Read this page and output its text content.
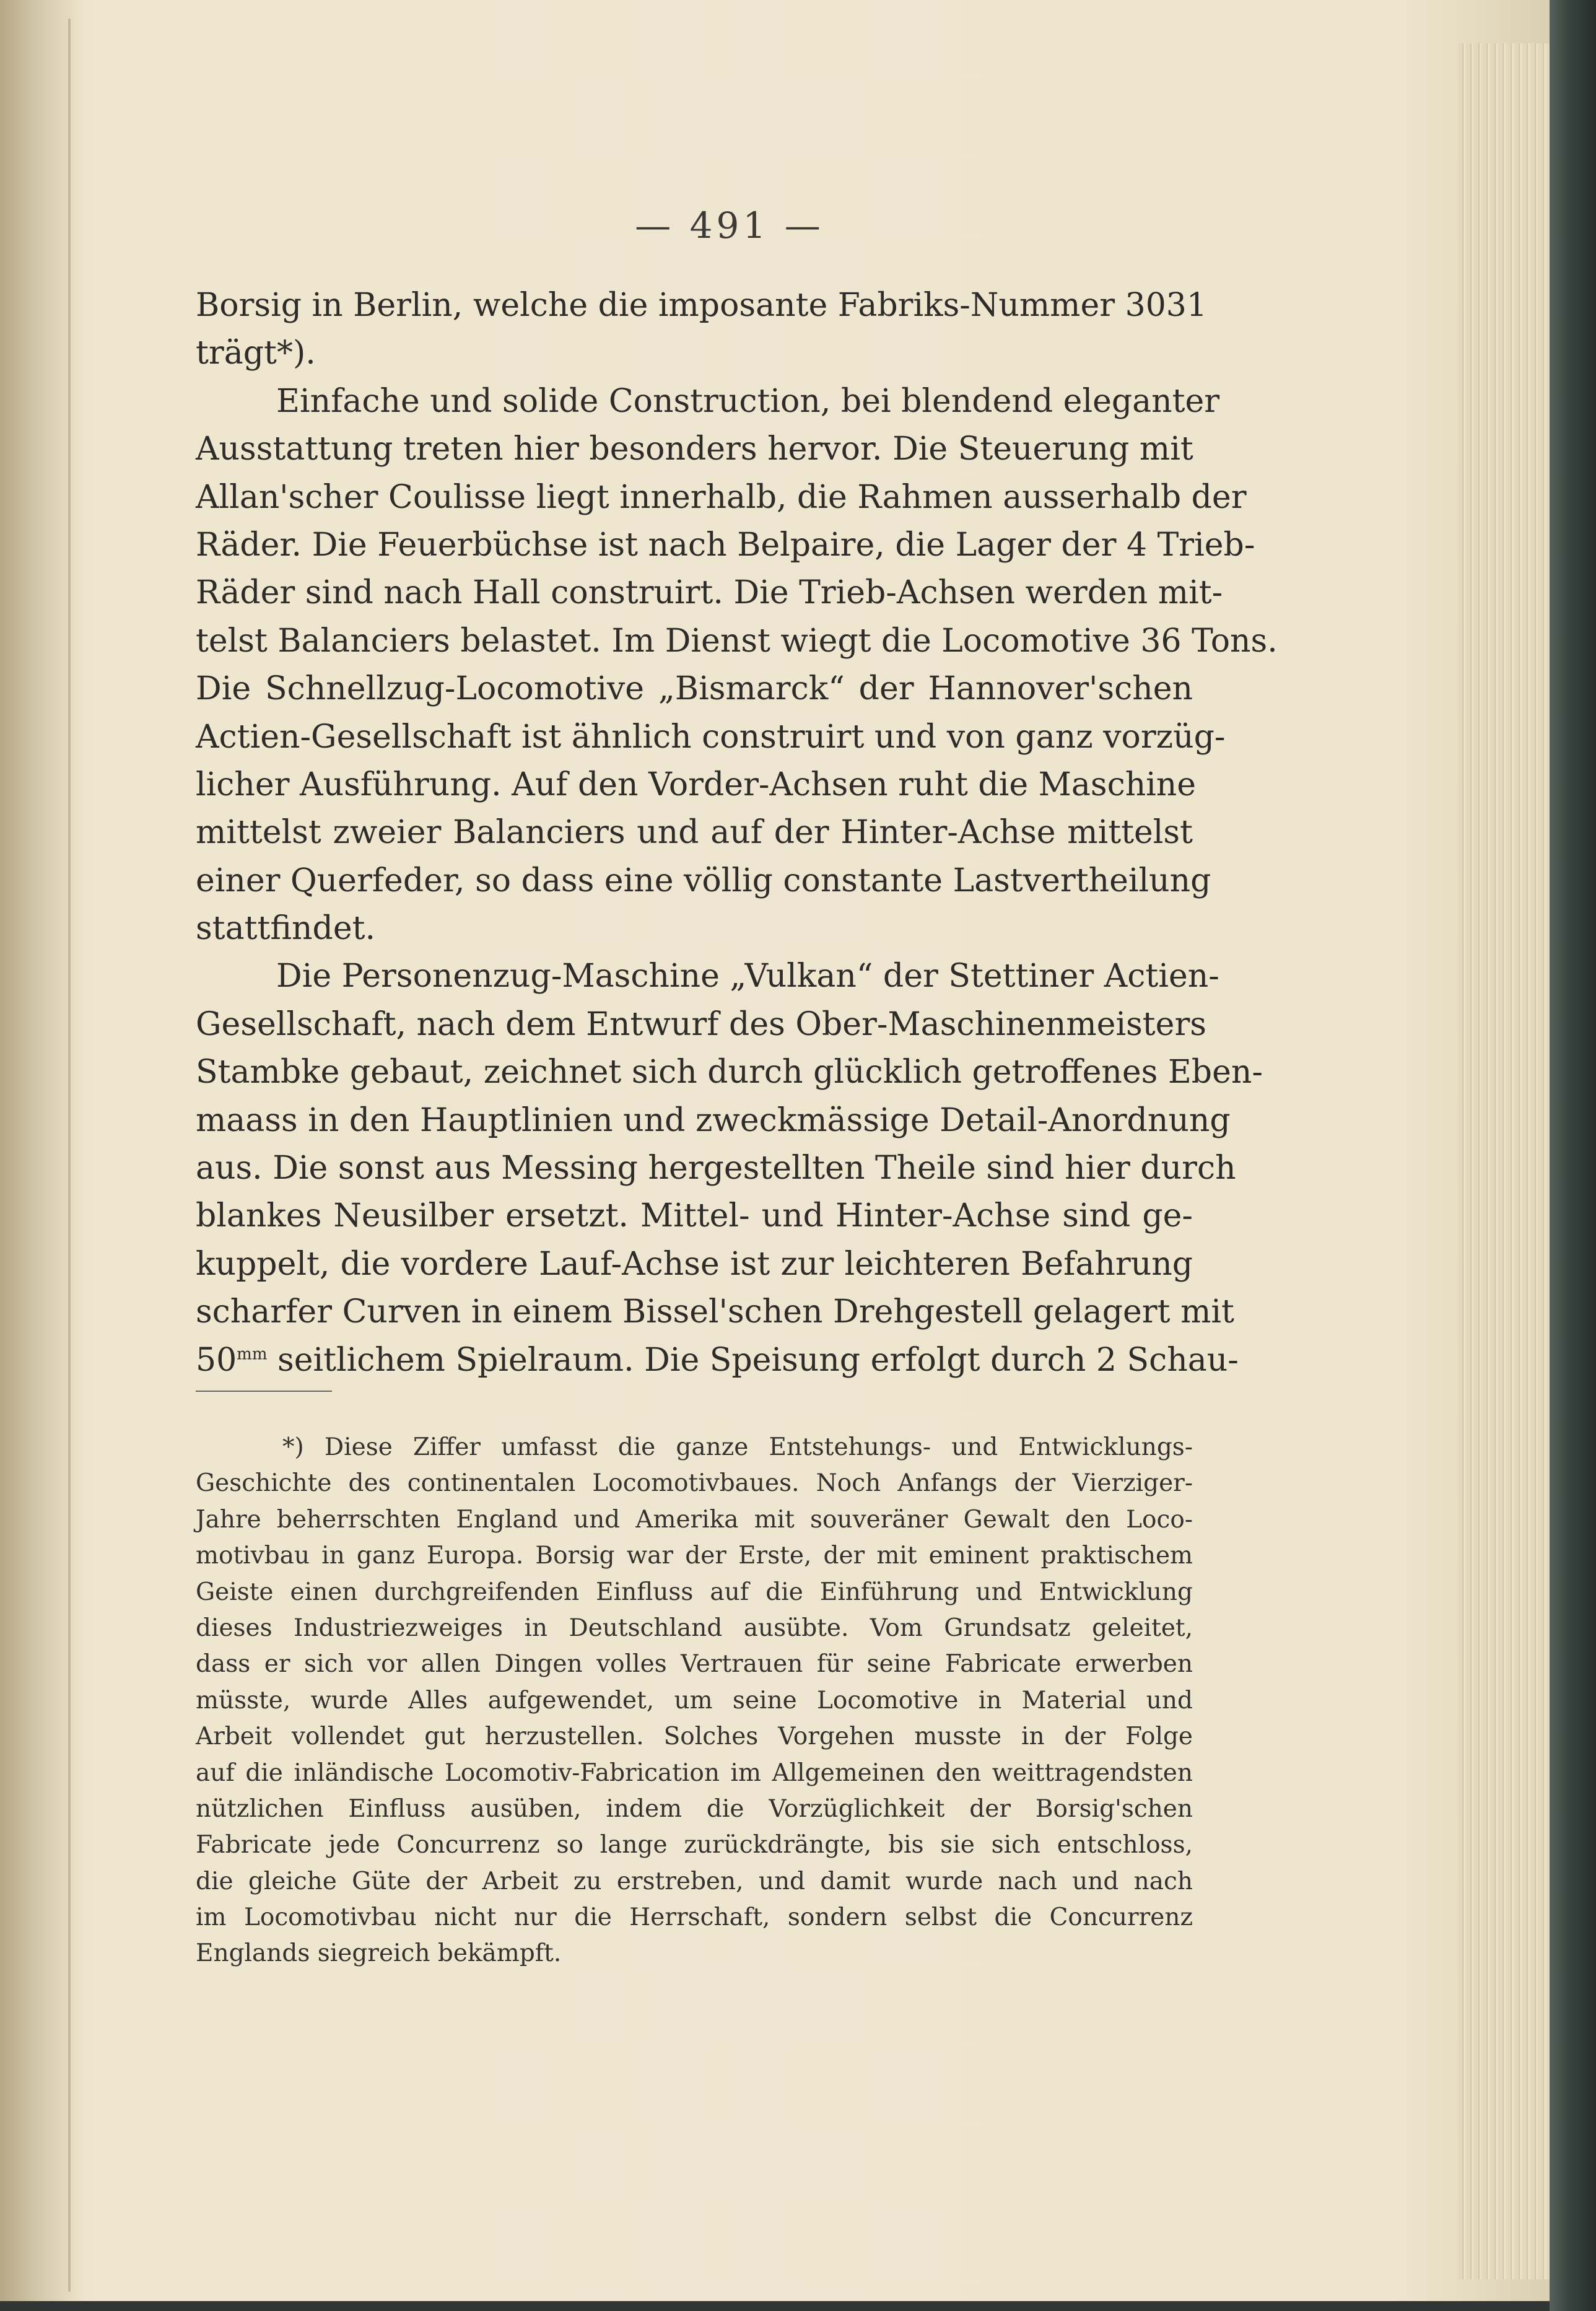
— 491 —
Borsig in Berlin, welche die imposante Fabriks-Nummer 3031
trägt*).
Einfache und solide Construction, bei blendend eleganter
Ausstattung treten hier besonders hervor. Die Steuerung mit
Allan'scher Coulisse liegt innerhalb, die Rahmen ausserhalb der
Räder. Die Feuerbüchse ist nach Belpaire, die Lager der 4 Trieb-
Räder sind nach Hall construirt. Die Trieb-Achsen werden mit-
telst Balanciers belastet. Im Dienst wiegt die Locomotive 36 Tons.
Die Schnellzug-Locomotive „Bismarck“ der Hannover'schen
Actien-Gesellschaft ist ähnlich construirt und von ganz vorzüg-
licher Ausführung. Auf den Vorder-Achsen ruht die Maschine
mittelst zweier Balanciers und auf der Hinter-Achse mittelst
einer Querfeder, so dass eine völlig constante Lastvertheilung
stattfindet.
Die Personenzug-Maschine „Vulkan“ der Stettiner Actien-
Gesellschaft, nach dem Entwurf des Ober-Maschinenmeisters
Stambke gebaut, zeichnet sich durch glücklich getroffenes Eben-
maass in den Hauptlinien und zweckmässige Detail-Anordnung
aus. Die sonst aus Messing hergestellten Theile sind hier durch
blankes Neusilber ersetzt. Mittel- und Hinter-Achse sind ge-
kuppelt, die vordere Lauf-Achse ist zur leichteren Befahrung
scharfer Curven in einem Bissel'schen Drehgestell gelagert mit
$50^{mm}$ seitlichem Spielraum. Die Speisung erfolgt durch 2 Schau-
*) Diese Ziffer umfasst die ganze Entstehungs- und Entwicklungs-
Geschichte des continentalen Locomotivbaues. Noch Anfangs der Vierziger-
Jahre beherrschten England und Amerika mit souveräner Gewalt den Loco-
motivbau in ganz Europa. Borsig war der Erste, der mit eminent praktischem
Geiste einen durchgreifenden Einfluss auf die Einführung und Entwicklung
dieses Industriezweiges in Deutschland ausübte. Vom Grundsatz geleitet,
dass er sich vor allen Dingen volles Vertrauen für seine Fabricate erwerben
müsste, wurde Alles aufgewendet, um seine Locomotive in Material und
Arbeit vollendet gut herzustellen. Solches Vorgehen musste in der Folge
auf die inländische Locomotiv-Fabrication im Allgemeinen den weittragendsten
nützlichen Einfluss ausüben, indem die Vorzüglichkeit der Borsig'schen
Fabricate jede Concurrenz so lange zurückdrängte, bis sie sich entschloss,
die gleiche Güte der Arbeit zu erstreben, und damit wurde nach und nach
im Locomotivbau nicht nur die Herrschaft, sondern selbst die Concurrenz
Englands siegreich bekämpft.
